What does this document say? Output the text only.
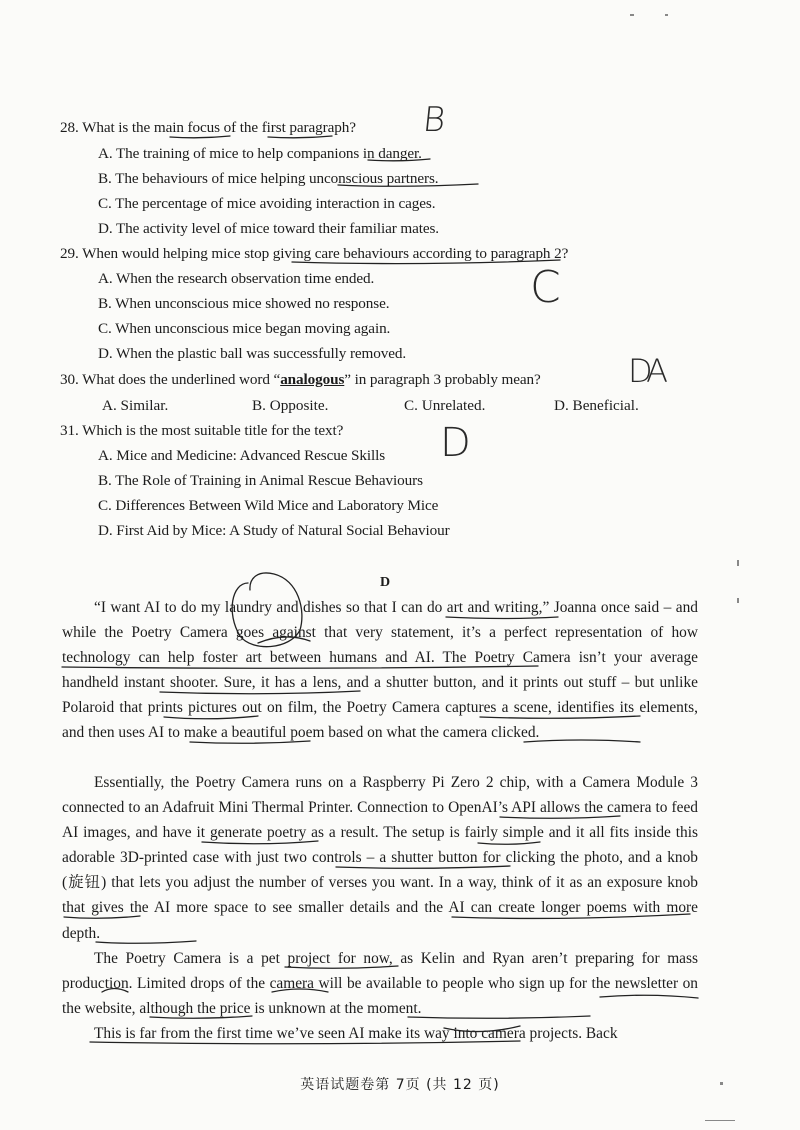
28. What is the main focus of the first paragraph? B
A. The training of mice to help companions in danger.
B. The behaviours of mice helping unconscious partners.
C. The percentage of mice avoiding interaction in cages.
D. The activity level of mice toward their familiar mates.
29. When would helping mice stop giving care behaviours according to paragraph 2?
C
A. When the research observation time ended.
B. When unconscious mice showed no response.
C. When unconscious mice began moving again.
D. When the plastic ball was successfully removed.
30. What does the underlined word “analogous” in paragraph 3 probably mean?	DA
A. Similar.	B. Opposite.	C. Unrelated.	D. Beneficial.
31. Which is the most suitable title for the text? D
A. Mice and Medicine: Advanced Rescue Skills
B. The Role of Training in Animal Rescue Behaviours
C. Differences Between Wild Mice and Laboratory Mice
D. First Aid by Mice: A Study of Natural Social Behaviour
D
“I want AI to do my laundry and dishes so that I can do art and writing,” Joanna once said – and while the Poetry Camera goes against that very statement, it’s a perfect representation of how technology can help foster art between humans and AI. The Poetry Camera isn’t your average handheld instant shooter. Sure, it has a lens, and a shutter button, and it prints out stuff – but unlike Polaroid that prints pictures out on film, the Poetry Camera captures a scene, identifies its elements, and then uses AI to make a beautiful poem based on what the camera clicked.
Essentially, the Poetry Camera runs on a Raspberry Pi Zero 2 chip, with a Camera Module 3 connected to an Adafruit Mini Thermal Printer. Connection to OpenAI’s API allows the camera to feed AI images, and have it generate poetry as a result. The setup is fairly simple and it all fits inside this adorable 3D-printed case with just two controls – a shutter button for clicking the photo, and a knob (旋钮) that lets you adjust the number of verses you want. In a way, think of it as an exposure knob that gives the AI more space to see smaller details and the AI can create longer poems with more depth.
The Poetry Camera is a pet project for now, as Kelin and Ryan aren’t preparing for mass production. Limited drops of the camera will be available to people who sign up for the newsletter on the website, although the price is unknown at the moment.
This is far from the first time we’ve seen AI make its way into camera projects. Back
英语试题卷第 7页 (共 12 页)
